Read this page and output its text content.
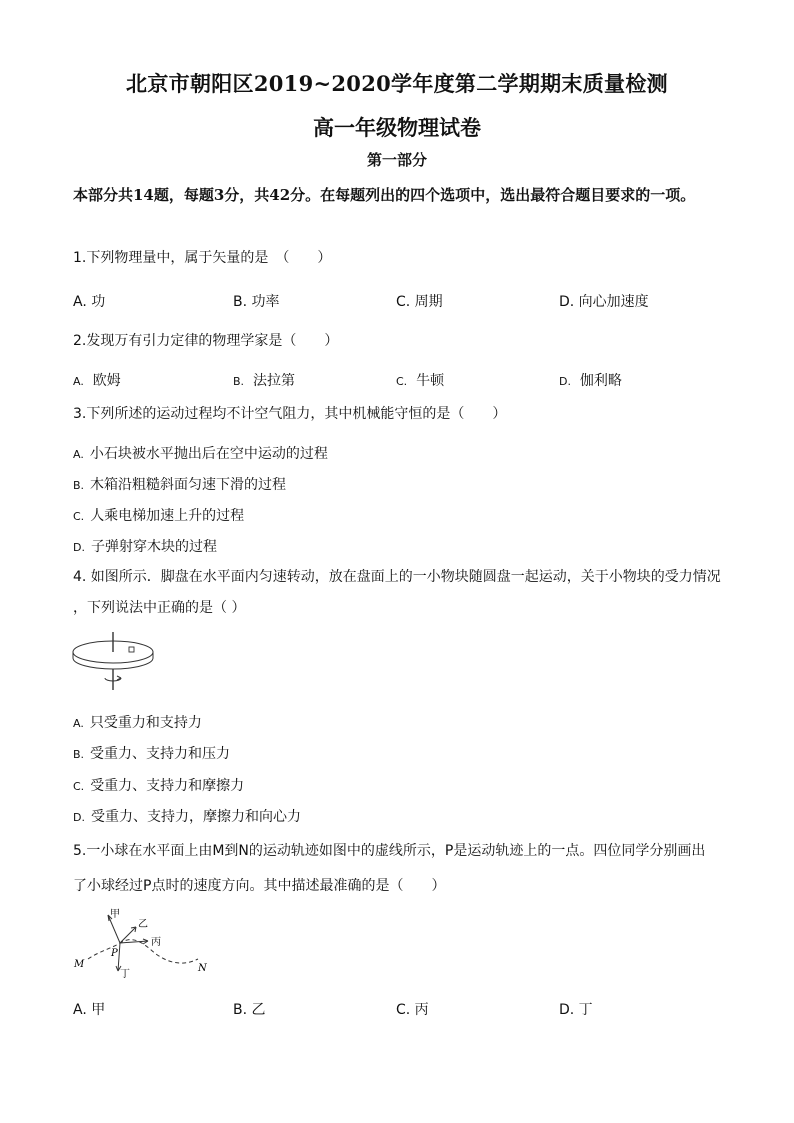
北京市朝阳区2019~2020学年度第二学期期末质量检测
高一年级物理试卷
第一部分
本部分共14题，每题3分，共42分。在每题列出的四个选项中，选出最符合题目要求的一项。
1.下列物理量中，属于矢量的是　（　　）
A. 功	B. 功率	C. 周期	D. 向心加速度
2.发现万有引力定律的物理学家是（　　）
A. 欧姆	B. 法拉第	C. 牛顿	D. 伽利略
3.下列所述的运动过程均不计空气阻力，其中机械能守恒的是（　　）
A. 小石块被水平抛出后在空中运动的过程
B. 木箱沿粗糙斜面匀速下滑的过程
C. 人乘电梯加速上升的过程
D. 子弹射穿木块的过程
4. 如图所示．脚盘在水平面内匀速转动，放在盘面上的一小物块随圆盘一起运动，关于小物块的受力情况
，下列说法中正确的是（ ）
A. 只受重力和支持力
B. 受重力、支持力和压力
C. 受重力、支持力和摩擦力
D. 受重力、支持力，摩擦力和向心力
5.一小球在水平面上由M到N的运动轨迹如图中的虚线所示，P是运动轨迹上的一点。四位同学分别画出
了小球经过P点时的速度方向。其中描述最准确的是（　　）
甲
乙
丙
丁
P
M	N
A. 甲	B. 乙	C. 丙	D. 丁
